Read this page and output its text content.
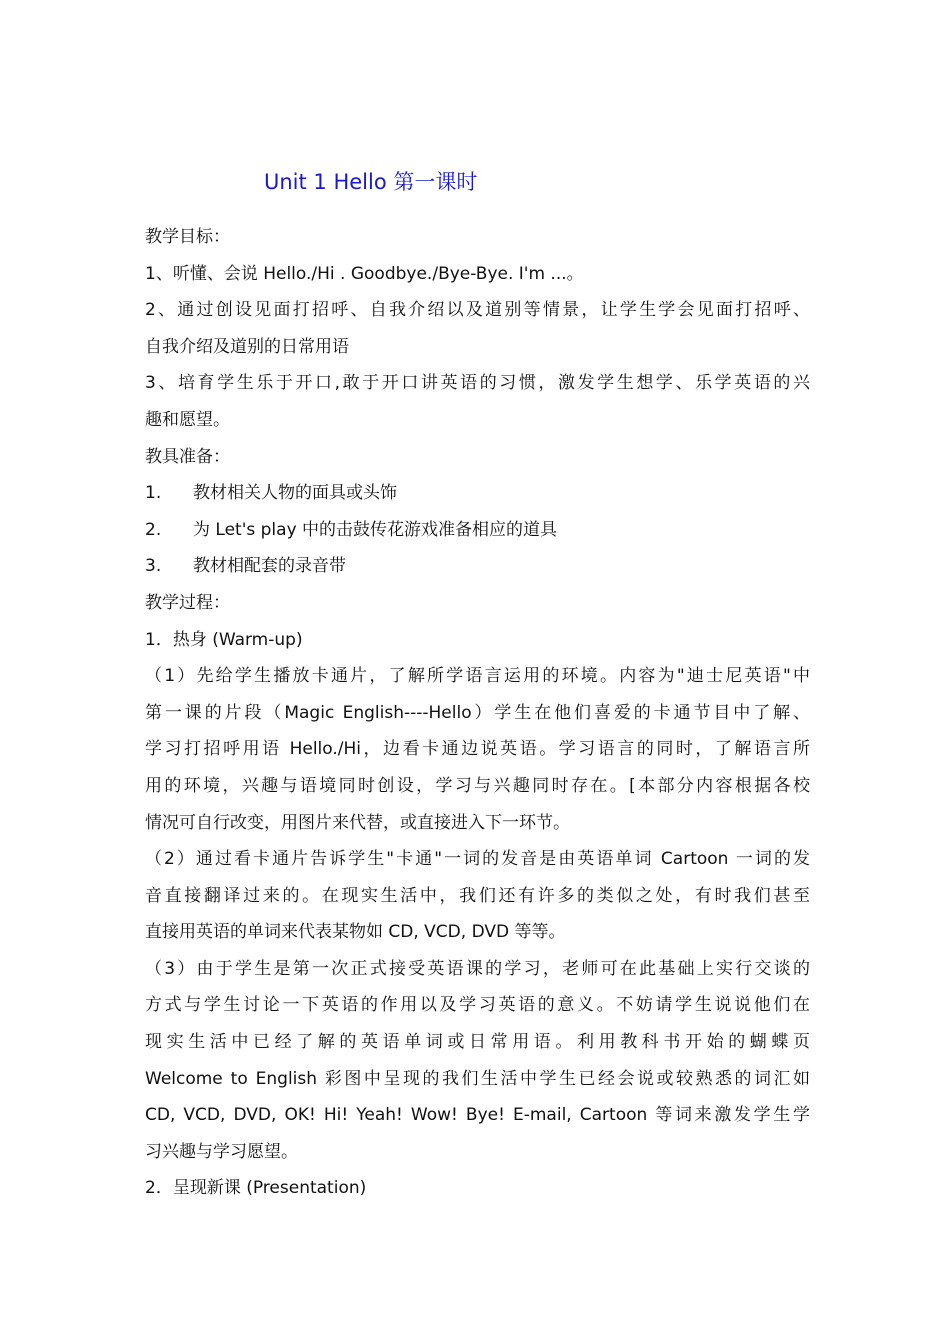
Unit 1 Hello 第一课时
教学目标：
1、听懂、会说 Hello./Hi . Goodbye./Bye-Bye. I'm ...。
2、通过创设见面打招呼、自我介绍以及道别等情景，让学生学会见面打招呼、
自我介绍及道别的日常用语
3、培育学生乐于开口,敢于开口讲英语的习惯，激发学生想学、乐学英语的兴
趣和愿望。
教具准备：
1. 教材相关人物的面具或头饰
2. 为 Let's play 中的击鼓传花游戏准备相应的道具
3. 教材相配套的录音带
教学过程：
1．热身 (Warm-up)
（1）先给学生播放卡通片，了解所学语言运用的环境。内容为"迪士尼英语"中
第一课的片段（Magic English----Hello）学生在他们喜爱的卡通节目中了解、
学习打招呼用语 Hello./Hi，边看卡通边说英语。学习语言的同时，了解语言所
用的环境，兴趣与语境同时创设，学习与兴趣同时存在。[本部分内容根据各校
情况可自行改变，用图片来代替，或直接进入下一环节。
（2）通过看卡通片告诉学生"卡通"一词的发音是由英语单词 Cartoon 一词的发
音直接翻译过来的。在现实生活中，我们还有许多的类似之处，有时我们甚至
直接用英语的单词来代表某物如 CD, VCD, DVD 等等。
（3）由于学生是第一次正式接受英语课的学习，老师可在此基础上实行交谈的
方式与学生讨论一下英语的作用以及学习英语的意义。不妨请学生说说他们在
现实生活中已经了解的英语单词或日常用语。利用教科书开始的蝴蝶页
Welcome to English 彩图中呈现的我们生活中学生已经会说或较熟悉的词汇如
CD, VCD, DVD, OK! Hi! Yeah! Wow! Bye! E-mail, Cartoon 等词来激发学生学
习兴趣与学习愿望。
2．呈现新课 (Presentation)
